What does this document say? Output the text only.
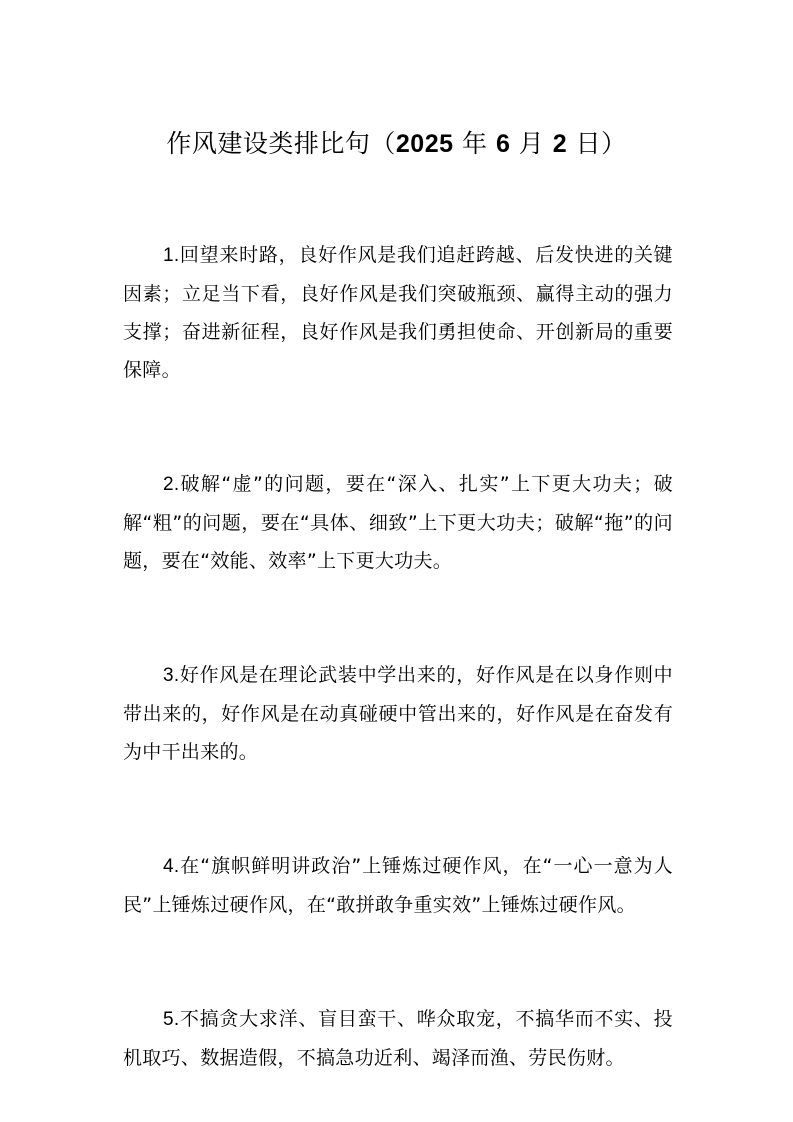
作风建设类排比句（2025 年 6 月 2 日）

1.回望来时路，良好作风是我们追赶跨越、后发快进的关键因素；立足当下看，良好作风是我们突破瓶颈、赢得主动的强力支撑；奋进新征程，良好作风是我们勇担使命、开创新局的重要保障。

2.破解“虚”的问题，要在“深入、扎实”上下更大功夫；破解“粗”的问题，要在“具体、细致”上下更大功夫；破解“拖”的问题，要在“效能、效率”上下更大功夫。

3.好作风是在理论武装中学出来的，好作风是在以身作则中带出来的，好作风是在动真碰硬中管出来的，好作风是在奋发有为中干出来的。

4.在“旗帜鲜明讲政治”上锤炼过硬作风，在“一心一意为人民”上锤炼过硬作风，在“敢拼敢争重实效”上锤炼过硬作风。

5.不搞贪大求洋、盲目蛮干、哗众取宠，不搞华而不实、投机取巧、数据造假，不搞急功近利、竭泽而渔、劳民伤财。
